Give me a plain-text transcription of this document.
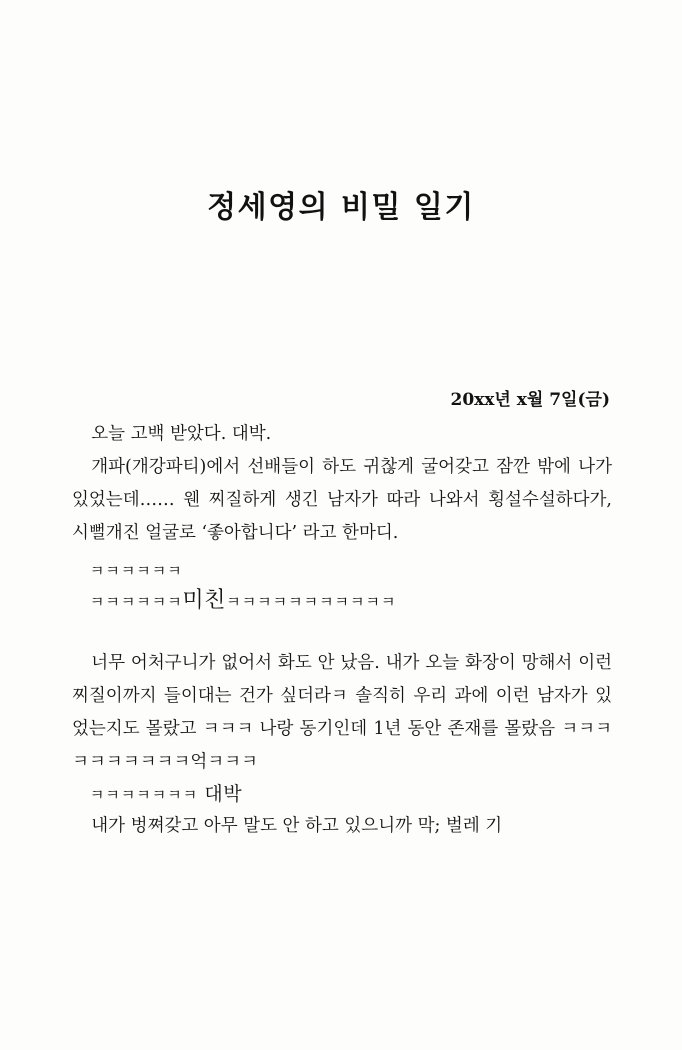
정세영의 비밀 일기
20xx년 x월 7일(금)

오늘 고백 받았다. 대박.

개파(개강파티)에서 선배들이 하도 귀찮게 굴어갖고 잠깐 밖에 나가있었는데…… 웬 찌질하게 생긴 남자가 따라 나와서 횡설수설하다가, 시뻘개진 얼굴로 ‘좋아합니다’ 라고 한마디.

ㅋㅋㅋㅋㅋㅋ

ㅋㅋㅋㅋㅋㅋ미친ㅋㅋㅋㅋㅋㅋㅋㅋㅋㅋㅋ

너무 어처구니가 없어서 화도 안 났음. 내가 오늘 화장이 망해서 이런 찌질이까지 들이대는 건가 싶더라ㅋ 솔직히 우리 과에 이런 남자가 있었는지도 몰랐고 ㅋㅋㅋ 나랑 동기인데 1년 동안 존재를 몰랐음 ㅋㅋㅋㅋㅋㅋㅋㅋㅋㅋ억ㅋㅋㅋ

ㅋㅋㅋㅋㅋㅋㅋ 대박

내가 벙쪄갖고 아무 말도 안 하고 있으니까 막; 벌레 기
